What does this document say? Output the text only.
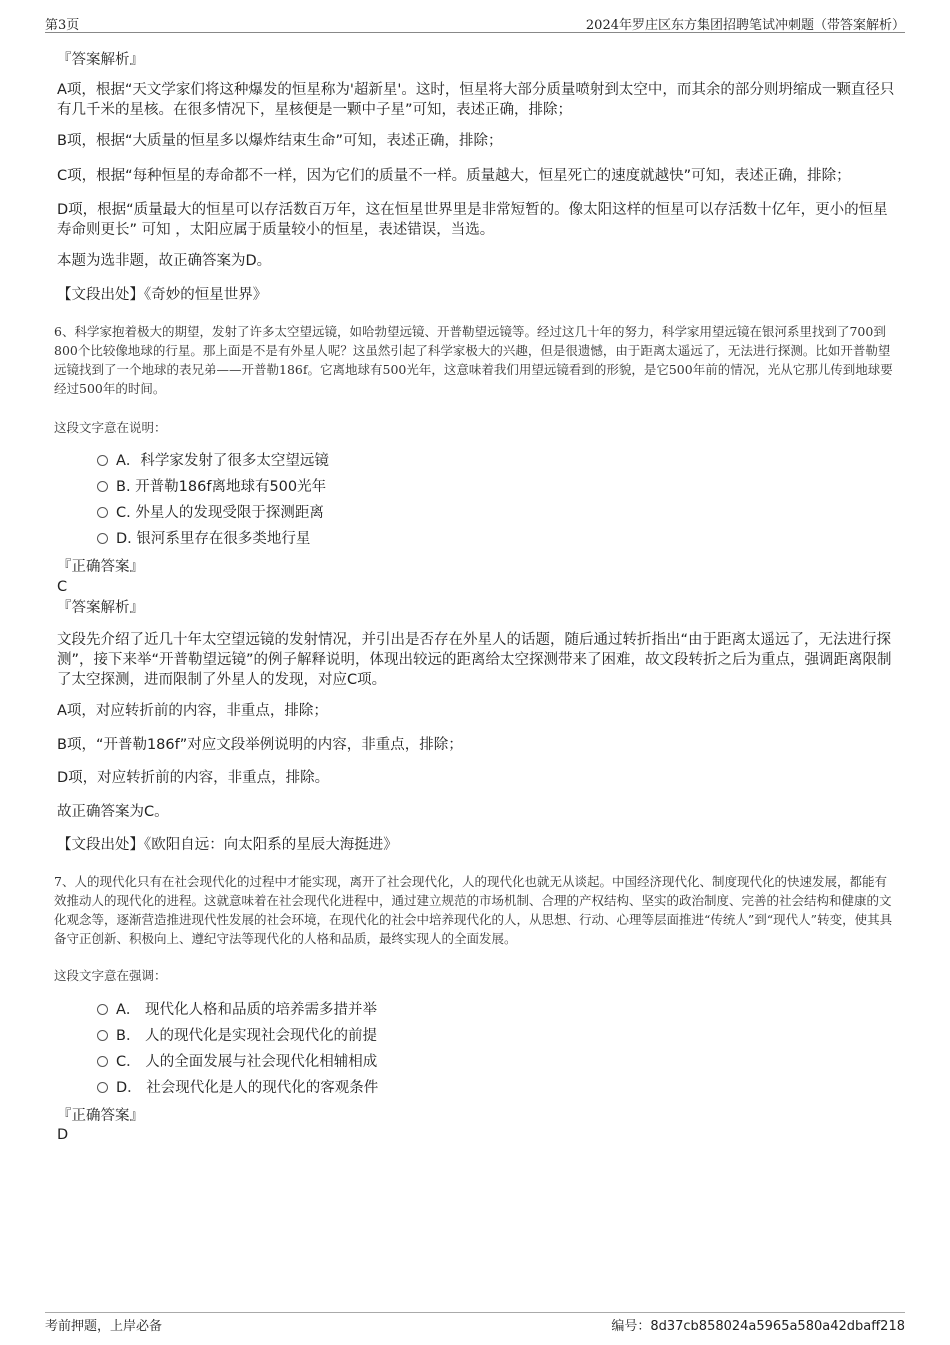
第3页	2024年罗庄区东方集团招聘笔试冲刺题（带答案解析）

『答案解析』

A项，根据“天文学家们将这种爆发的恒星称为'超新星'。这时，恒星将大部分质量喷射到太空中，而其余的部分则坍缩成一颗直径只有几千米的星核。在很多情况下，星核便是一颗中子星”可知，表述正确，排除；

B项，根据“大质量的恒星多以爆炸结束生命”可知，表述正确，排除；

C项，根据“每种恒星的寿命都不一样，因为它们的质量不一样。质量越大，恒星死亡的速度就越快”可知，表述正确，排除；

D项，根据“质量最大的恒星可以存活数百万年，这在恒星世界里是非常短暂的。像太阳这样的恒星可以存活数十亿年，更小的恒星寿命则更长” 可知 ，太阳应属于质量较小的恒星，表述错误，当选。

本题为选非题，故正确答案为D。

【文段出处】《奇妙的恒星世界》

6、科学家抱着极大的期望，发射了许多太空望远镜，如哈勃望远镜、开普勒望远镜等。经过这几十年的努力，科学家用望远镜在银河系里找到了700到800个比较像地球的行星。那上面是不是有外星人呢？这虽然引起了科学家极大的兴趣，但是很遗憾，由于距离太遥远了，无法进行探测。比如开普勒望远镜找到了一个地球的表兄弟——开普勒186f。它离地球有500光年，这意味着我们用望远镜看到的形貌，是它500年前的情况，光从它那儿传到地球要经过500年的时间。

这段文字意在说明：

A．科学家发射了很多太空望远镜
B. 开普勒186f离地球有500光年
C. 外星人的发现受限于探测距离
D. 银河系里存在很多类地行星

『正确答案』

C

『答案解析』

文段先介绍了近几十年太空望远镜的发射情况，并引出是否存在外星人的话题，随后通过转折指出“由于距离太遥远了，无法进行探测”，接下来举“开普勒望远镜”的例子解释说明，体现出较远的距离给太空探测带来了困难，故文段转折之后为重点，强调距离限制了太空探测，进而限制了外星人的发现，对应C项。

A项，对应转折前的内容，非重点，排除；

B项，“开普勒186f”对应文段举例说明的内容，非重点，排除；

D项，对应转折前的内容，非重点，排除。

故正确答案为C。

【文段出处】《欧阳自远：向太阳系的星辰大海挺进》

7、人的现代化只有在社会现代化的过程中才能实现，离开了社会现代化，人的现代化也就无从谈起。中国经济现代化、制度现代化的快速发展，都能有效推动人的现代化的进程。这就意味着在社会现代化进程中，通过建立规范的市场机制、合理的产权结构、坚实的政治制度、完善的社会结构和健康的文化观念等，逐渐营造推进现代性发展的社会环境，在现代化的社会中培养现代化的人，从思想、行动、心理等层面推进“传统人”到“现代人”转变，使其具备守正创新、积极向上、遵纪守法等现代化的人格和品质，最终实现人的全面发展。

这段文字意在强调：

A． 现代化人格和品质的培养需多措并举
B． 人的现代化是实现社会现代化的前提
C． 人的全面发展与社会现代化相辅相成
D． 社会现代化是人的现代化的客观条件

『正确答案』

D

考前押题，上岸必备	编号：8d37cb858024a5965a580a42dbaff218
